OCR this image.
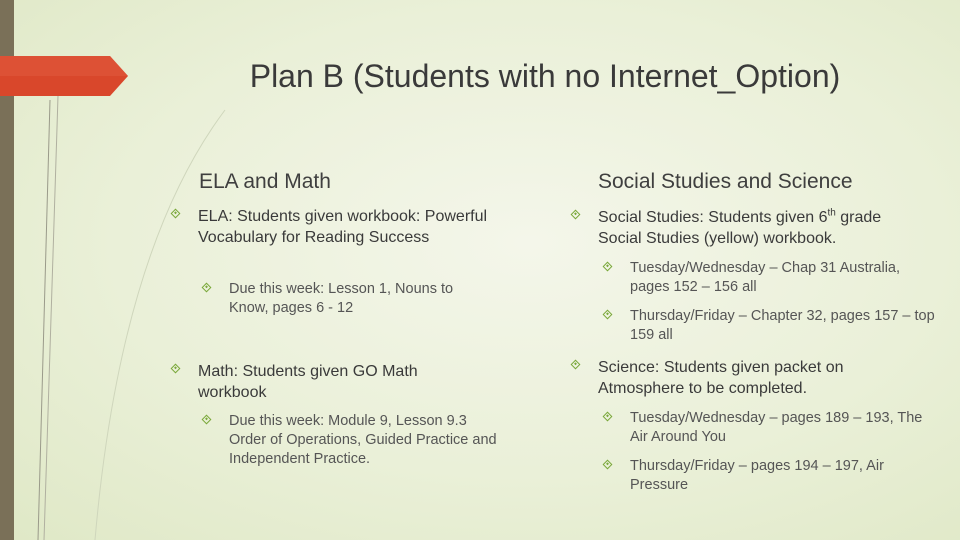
Plan B (Students with no Internet_Option)
ELA and Math
ELA: Students given workbook: Powerful Vocabulary for Reading Success
Due this week: Lesson 1, Nouns to Know, pages 6 - 12
Math: Students given GO Math workbook
Due this week: Module 9, Lesson 9.3 Order of Operations, Guided Practice and Independent Practice.
Social Studies and Science
Social Studies: Students given 6th grade Social Studies (yellow) workbook.
Tuesday/Wednesday – Chap 31 Australia, pages 152 – 156 all
Thursday/Friday – Chapter 32, pages 157 – top 159 all
Science: Students given packet on Atmosphere to be completed.
Tuesday/Wednesday – pages 189 – 193, The Air Around You
Thursday/Friday – pages 194 – 197, Air Pressure
